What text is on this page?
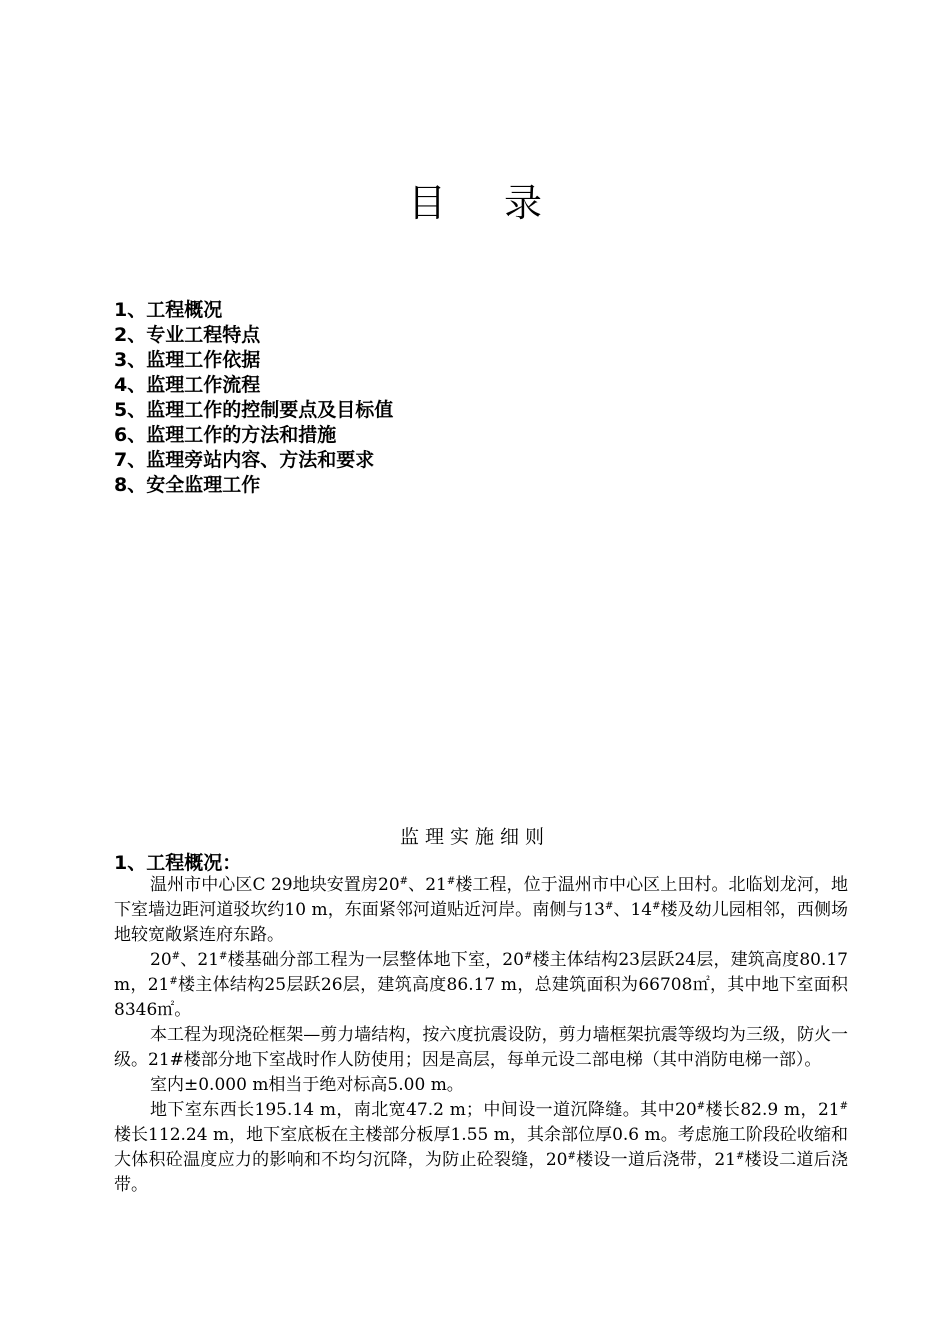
目录
1、工程概况
2、专业工程特点
3、监理工作依据
4、监理工作流程
5、监理工作的控制要点及目标值
6、监理工作的方法和措施
7、监理旁站内容、方法和要求
8、安全监理工作
监理实施细则
1、工程概况：

温州市中心区C 29地块安置房20#、21#楼工程，位于温州市中心区上田村。北临划龙河，地下室墙边距河道驳坎约10 m，东面紧邻河道贴近河岸。南侧与13#、14#楼及幼儿园相邻，西侧场地较宽敞紧连府东路。

20#、21#楼基础分部工程为一层整体地下室，20#楼主体结构23层跃24层，建筑高度80.17 m，21#楼主体结构25层跃26层，建筑高度86.17 m，总建筑面积为66708㎡，其中地下室面积8346㎡。

本工程为现浇砼框架—剪力墙结构，按六度抗震设防，剪力墙框架抗震等级均为三级，防火一级。21#楼部分地下室战时作人防使用；因是高层，每单元设二部电梯（其中消防电梯一部）。

室内±0.000 m相当于绝对标高5.00 m。

地下室东西长195.14 m，南北宽47.2 m；中间设一道沉降缝。其中20#楼长82.9 m，21#楼长112.24 m，地下室底板在主楼部分板厚1.55 m，其余部位厚0.6 m。考虑施工阶段砼收缩和大体积砼温度应力的影响和不均匀沉降，为防止砼裂缝，20#楼设一道后浇带，21#楼设二道后浇带。
